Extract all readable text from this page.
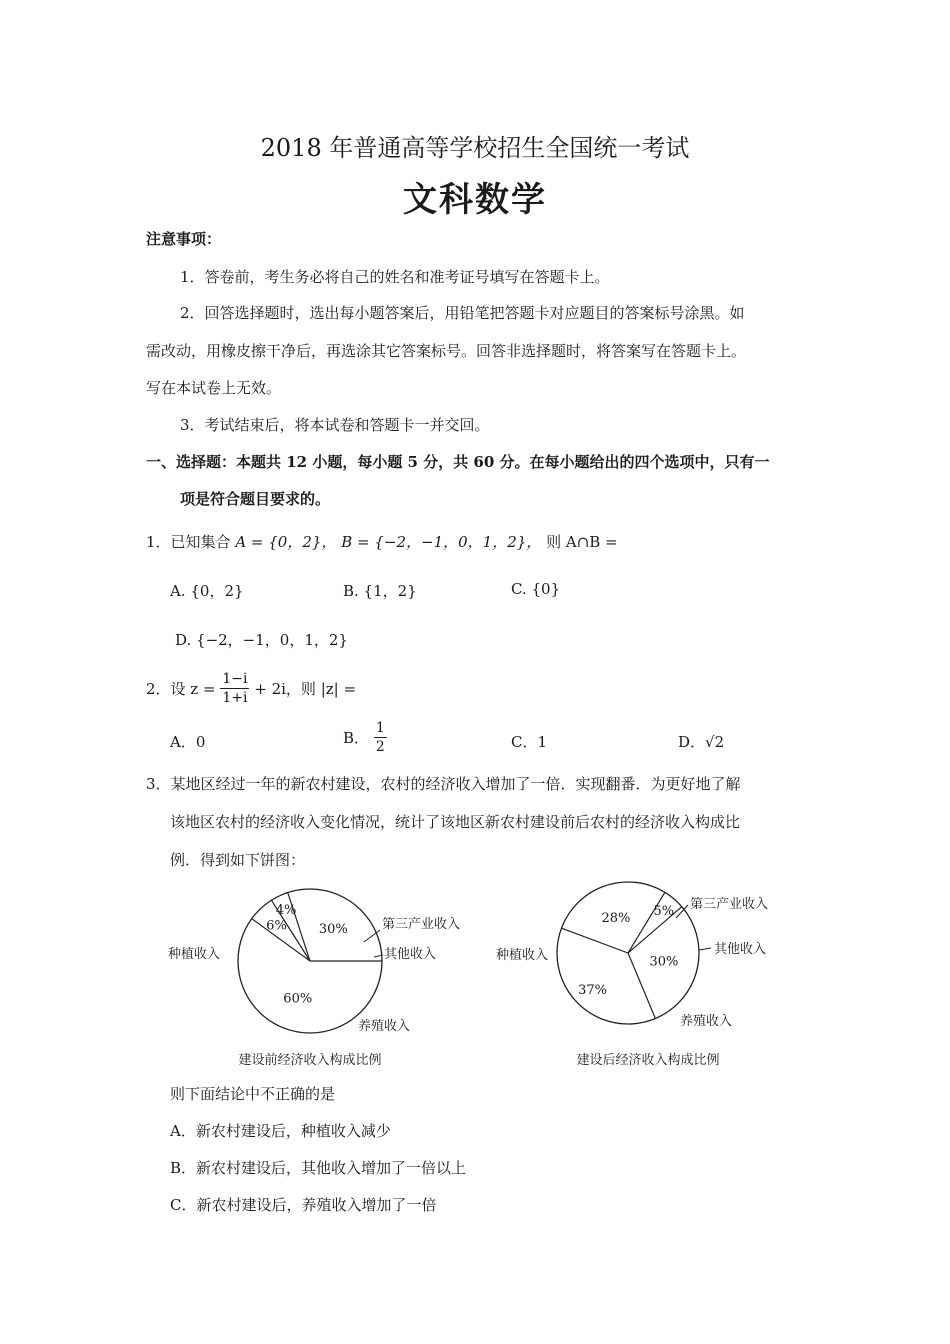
2018 年普通高等学校招生全国统一考试
文科数学
注意事项：
1．答卷前，考生务必将自己的姓名和准考证号填写在答题卡上。
2．回答选择题时，选出每小题答案后，用铅笔把答题卡对应题目的答案标号涂黑。如
需改动，用橡皮擦干净后，再选涂其它答案标号。回答非选择题时，将答案写在答题卡上。
写在本试卷上无效。
3．考试结束后，将本试卷和答题卡一并交回。
一、选择题：本题共 12 小题，每小题 5 分，共 60 分。在每小题给出的四个选项中，只有一
项是符合题目要求的。
1．已知集合 A = {0，2}， B = {−2，−1，0，1，2}， 则 A∩B =
A. {0，2}	B. {1，2}	C. {0}
D. {−2，−1，0，1，2}
2．设 $z = \frac{1-i}{1+i} + 2i$，则 |z| =
A．0	B． $\frac{1}{2}$	C．1	D．√2
3．某地区经过一年的新农村建设，农村的经济收入增加了一倍．实现翻番．为更好地了解
该地区农村的经济收入变化情况，统计了该地区新农村建设前后农村的经济收入构成比
例．得到如下饼图：
60%
6%
4%
30%
种植收入
第三产业收入
其他收入
养殖收入
建设前经济收入构成比例
37%
28% 5%
30%
种植收入
第三产业收入
其他收入
养殖收入
建设后经济收入构成比例
则下面结论中不正确的是
A．新农村建设后，种植收入减少
B．新农村建设后，其他收入增加了一倍以上
C．新农村建设后，养殖收入增加了一倍
